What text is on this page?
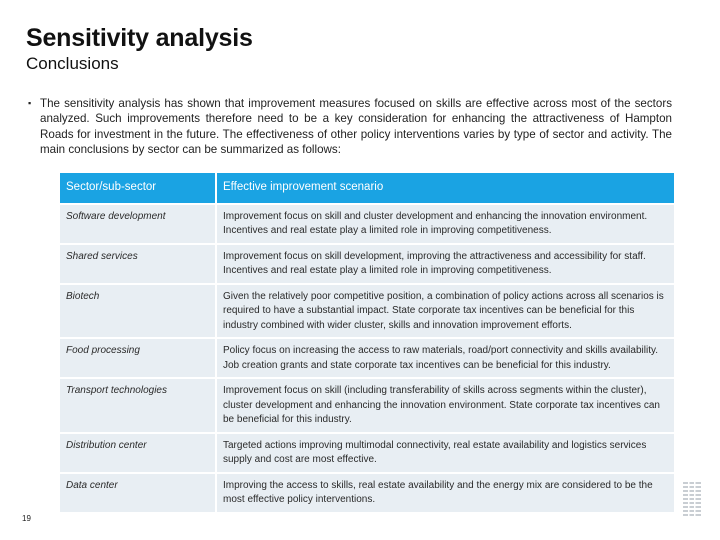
Sensitivity analysis
Conclusions
▪ The sensitivity analysis has shown that improvement measures focused on skills are effective across most of the sectors analyzed. Such improvements therefore need to be a key consideration for enhancing the attractiveness of Hampton Roads for investment in the future. The effectiveness of other policy interventions varies by type of sector and activity. The main conclusions by sector can be summarized as follows:
Sector/sub-sector	Effective improvement scenario
Software development	Improvement focus on skill and cluster development and enhancing the innovation environment. Incentives and real estate play a limited role in improving competitiveness.
Shared services	Improvement focus on skill development, improving the attractiveness and accessibility for staff. Incentives and real estate play a limited role in improving competitiveness.
Biotech	Given the relatively poor competitive position, a combination of policy actions across all scenarios is required to have a substantial impact. State corporate tax incentives can be beneficial for this industry combined with wider cluster, skills and innovation improvement efforts.
Food processing	Policy focus on increasing the access to raw materials, road/port connectivity and skills availability. Job creation grants and state corporate tax incentives can be beneficial for this industry.
Transport technologies	Improvement focus on skill (including transferability of skills across segments within the cluster), cluster development and enhancing the innovation environment. State corporate tax incentives can be beneficial for this industry.
Distribution center	Targeted actions improving multimodal connectivity, real estate availability and logistics services supply and cost are most effective.
Data center	Improving the access to skills, real estate availability and the energy mix are considered to be the most effective policy interventions.
19
